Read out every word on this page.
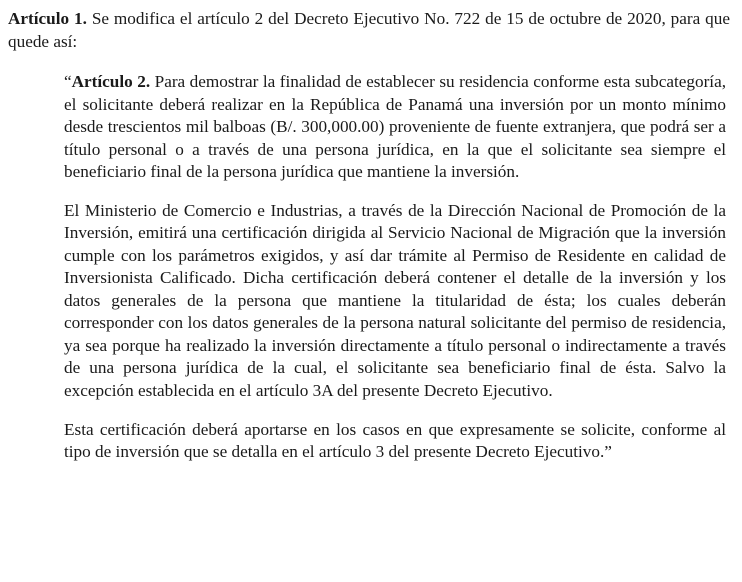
Artículo 1. Se modifica el artículo 2 del Decreto Ejecutivo No. 722 de 15 de octubre de 2020, para que quede así:

“Artículo 2. Para demostrar la finalidad de establecer su residencia conforme esta subcategoría, el solicitante deberá realizar en la República de Panamá una inversión por un monto mínimo desde trescientos mil balboas (B/. 300,000.00) proveniente de fuente extranjera, que podrá ser a título personal o a través de una persona jurídica, en la que el solicitante sea siempre el beneficiario final de la persona jurídica que mantiene la inversión.

El Ministerio de Comercio e Industrias, a través de la Dirección Nacional de Promoción de la Inversión, emitirá una certificación dirigida al Servicio Nacional de Migración que la inversión cumple con los parámetros exigidos, y así dar trámite al Permiso de Residente en calidad de Inversionista Calificado. Dicha certificación deberá contener el detalle de la inversión y los datos generales de la persona que mantiene la titularidad de ésta; los cuales deberán corresponder con los datos generales de la persona natural solicitante del permiso de residencia, ya sea porque ha realizado la inversión directamente a título personal o indirectamente a través de una persona jurídica de la cual, el solicitante sea beneficiario final de ésta. Salvo la excepción establecida en el artículo 3A del presente Decreto Ejecutivo.

Esta certificación deberá aportarse en los casos en que expresamente se solicite, conforme al tipo de inversión que se detalla en el artículo 3 del presente Decreto Ejecutivo.”
